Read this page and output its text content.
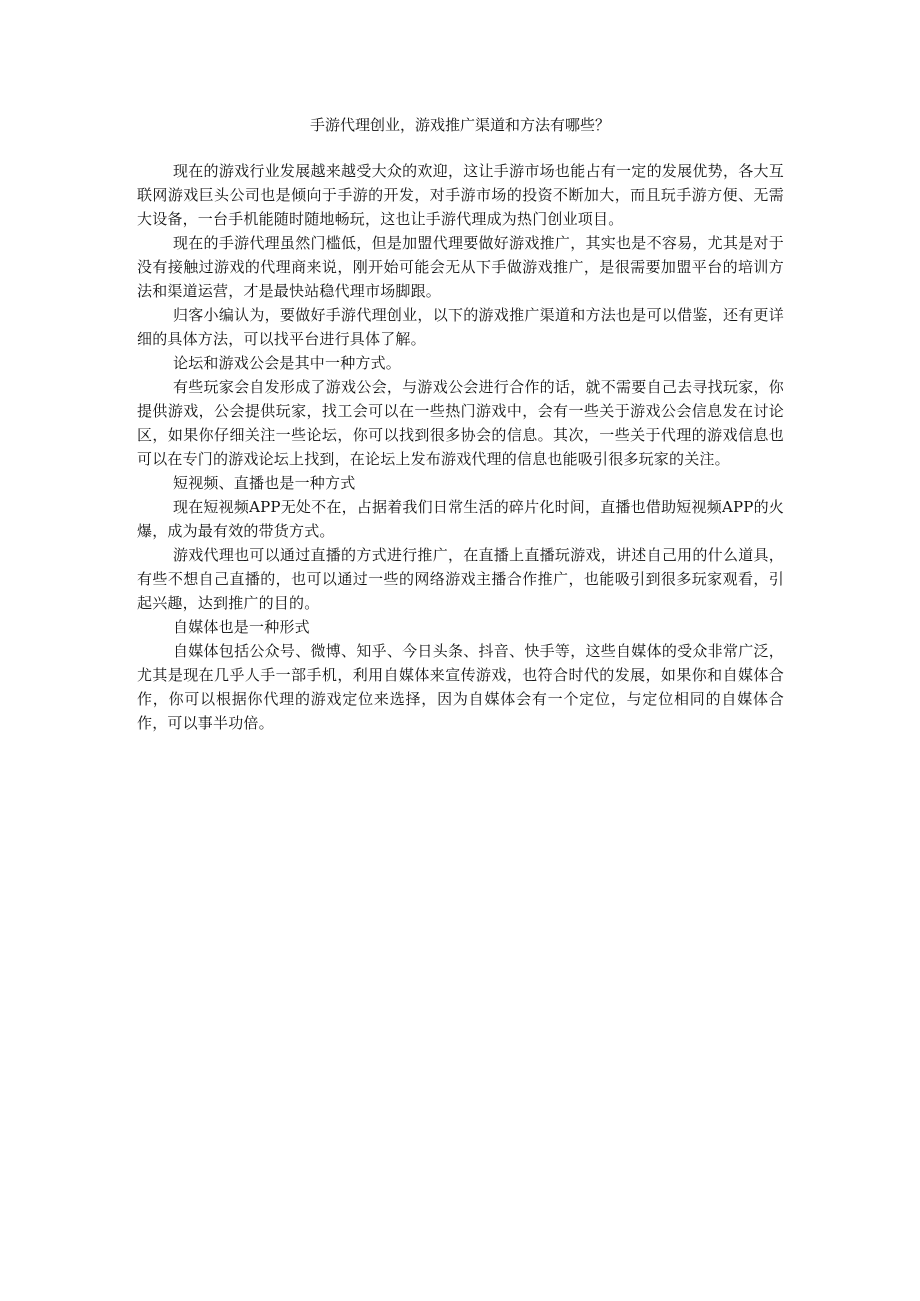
手游代理创业，游戏推广渠道和方法有哪些？

现在的游戏行业发展越来越受大众的欢迎，这让手游市场也能占有一定的发展优势，各大互联网游戏巨头公司也是倾向于手游的开发，对手游市场的投资不断加大，而且玩手游方便、无需大设备，一台手机能随时随地畅玩，这也让手游代理成为热门创业项目。

现在的手游代理虽然门槛低，但是加盟代理要做好游戏推广，其实也是不容易，尤其是对于没有接触过游戏的代理商来说，刚开始可能会无从下手做游戏推广，是很需要加盟平台的培训方法和渠道运营，才是最快站稳代理市场脚跟。

归客小编认为，要做好手游代理创业，以下的游戏推广渠道和方法也是可以借鉴，还有更详细的具体方法，可以找平台进行具体了解。

论坛和游戏公会是其中一种方式。

有些玩家会自发形成了游戏公会，与游戏公会进行合作的话，就不需要自己去寻找玩家，你提供游戏，公会提供玩家，找工会可以在一些热门游戏中，会有一些关于游戏公会信息发在讨论区，如果你仔细关注一些论坛，你可以找到很多协会的信息。其次，一些关于代理的游戏信息也可以在专门的游戏论坛上找到，在论坛上发布游戏代理的信息也能吸引很多玩家的关注。

短视频、直播也是一种方式

现在短视频APP无处不在，占据着我们日常生活的碎片化时间，直播也借助短视频APP的火爆，成为最有效的带货方式。

游戏代理也可以通过直播的方式进行推广，在直播上直播玩游戏，讲述自己用的什么道具，有些不想自己直播的，也可以通过一些的网络游戏主播合作推广，也能吸引到很多玩家观看，引起兴趣，达到推广的目的。

自媒体也是一种形式

自媒体包括公众号、微博、知乎、今日头条、抖音、快手等，这些自媒体的受众非常广泛，尤其是现在几乎人手一部手机，利用自媒体来宣传游戏，也符合时代的发展，如果你和自媒体合作，你可以根据你代理的游戏定位来选择，因为自媒体会有一个定位，与定位相同的自媒体合作，可以事半功倍。
